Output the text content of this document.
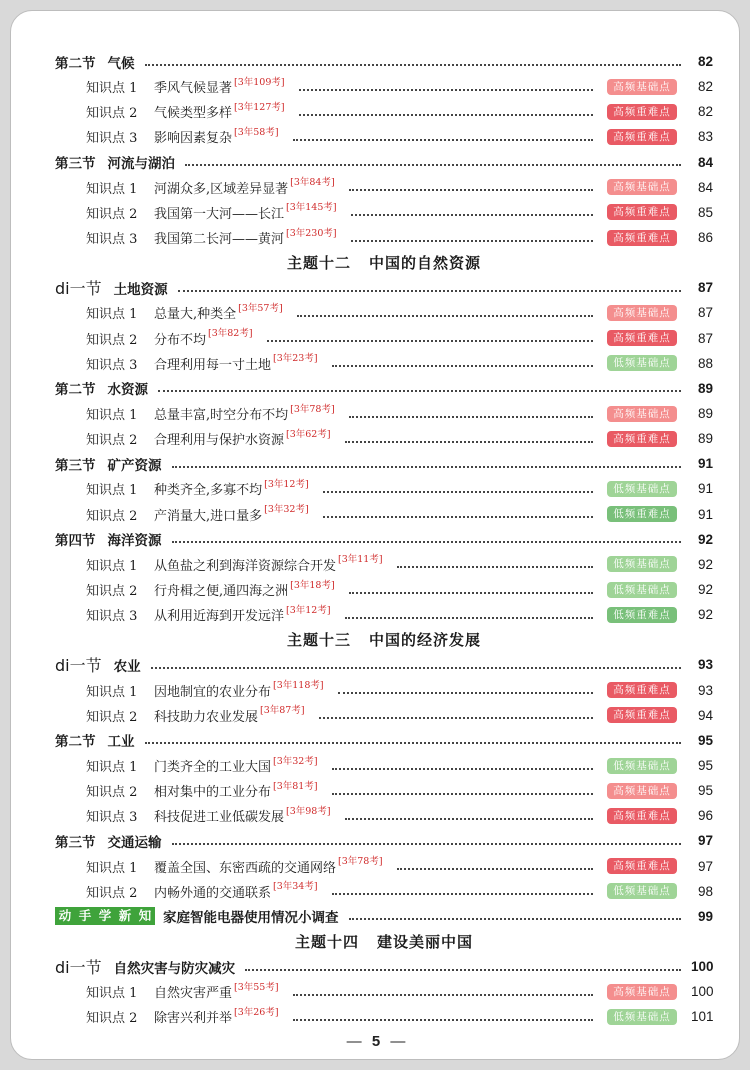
第二节 气候	82
知识点 1	季风气候显著 [3年109考]	高频基础点	82
知识点 2	气候类型多样 [3年127考]	高频重难点	82
知识点 3	影响因素复杂 [3年58考]	高频重难点	83
第三节 河流与湖泊	84
知识点 1	河湖众多,区域差异显著 [3年84考]	高频基础点	84
知识点 2	我国第一大河——长江 [3年145考]	高频重难点	85
知识点 3	我国第二长河——黄河 [3年230考]	高频重难点	86
主题十二 中国的自然资源
di一节 土地资源	87
知识点 1	总量大,种类全 [3年57考]	高频基础点	87
知识点 2	分布不均 [3年82考]	高频重难点	87
知识点 3	合理利用每一寸土地 [3年23考]	低频基础点	88
第二节 水资源	89
知识点 1	总量丰富,时空分布不均 [3年78考]	高频基础点	89
知识点 2	合理利用与保护水资源 [3年62考]	高频重难点	89
第三节 矿产资源	91
知识点 1	种类齐全,多寡不均 [3年12考]	低频基础点	91
知识点 2	产消量大,进口量多 [3年32考]	低频重难点	91
第四节 海洋资源	92
知识点 1	从鱼盐之利到海洋资源综合开发 [3年11考]	低频基础点	92
知识点 2	行舟楫之便,通四海之洲 [3年18考]	低频基础点	92
知识点 3	从利用近海到开发远洋 [3年12考]	低频重难点	92
主题十三 中国的经济发展
di一节 农业	93
知识点 1	因地制宜的农业分布 [3年118考]	高频重难点	93
知识点 2	科技助力农业发展 [3年87考]	高频重难点	94
第二节 工业	95
知识点 1	门类齐全的工业大国 [3年32考]	低频基础点	95
知识点 2	相对集中的工业分布 [3年81考]	高频基础点	95
知识点 3	科技促进工业低碳发展 [3年98考]	高频重难点	96
第三节 交通运输	97
知识点 1	覆盖全国、东密西疏的交通网络 [3年78考]	高频重难点	97
知识点 2	内畅外通的交通联系 [3年34考]	低频基础点	98
动 手 学 新 知 家庭智能电器使用情况小调查	99
主题十四 建设美丽中国
di一节 自然灾害与防灾减灾	100
知识点 1	自然灾害严重 [3年55考]	高频基础点	100
知识点 2	除害兴利并举 [3年26考]	低频基础点	101
— 5 —
